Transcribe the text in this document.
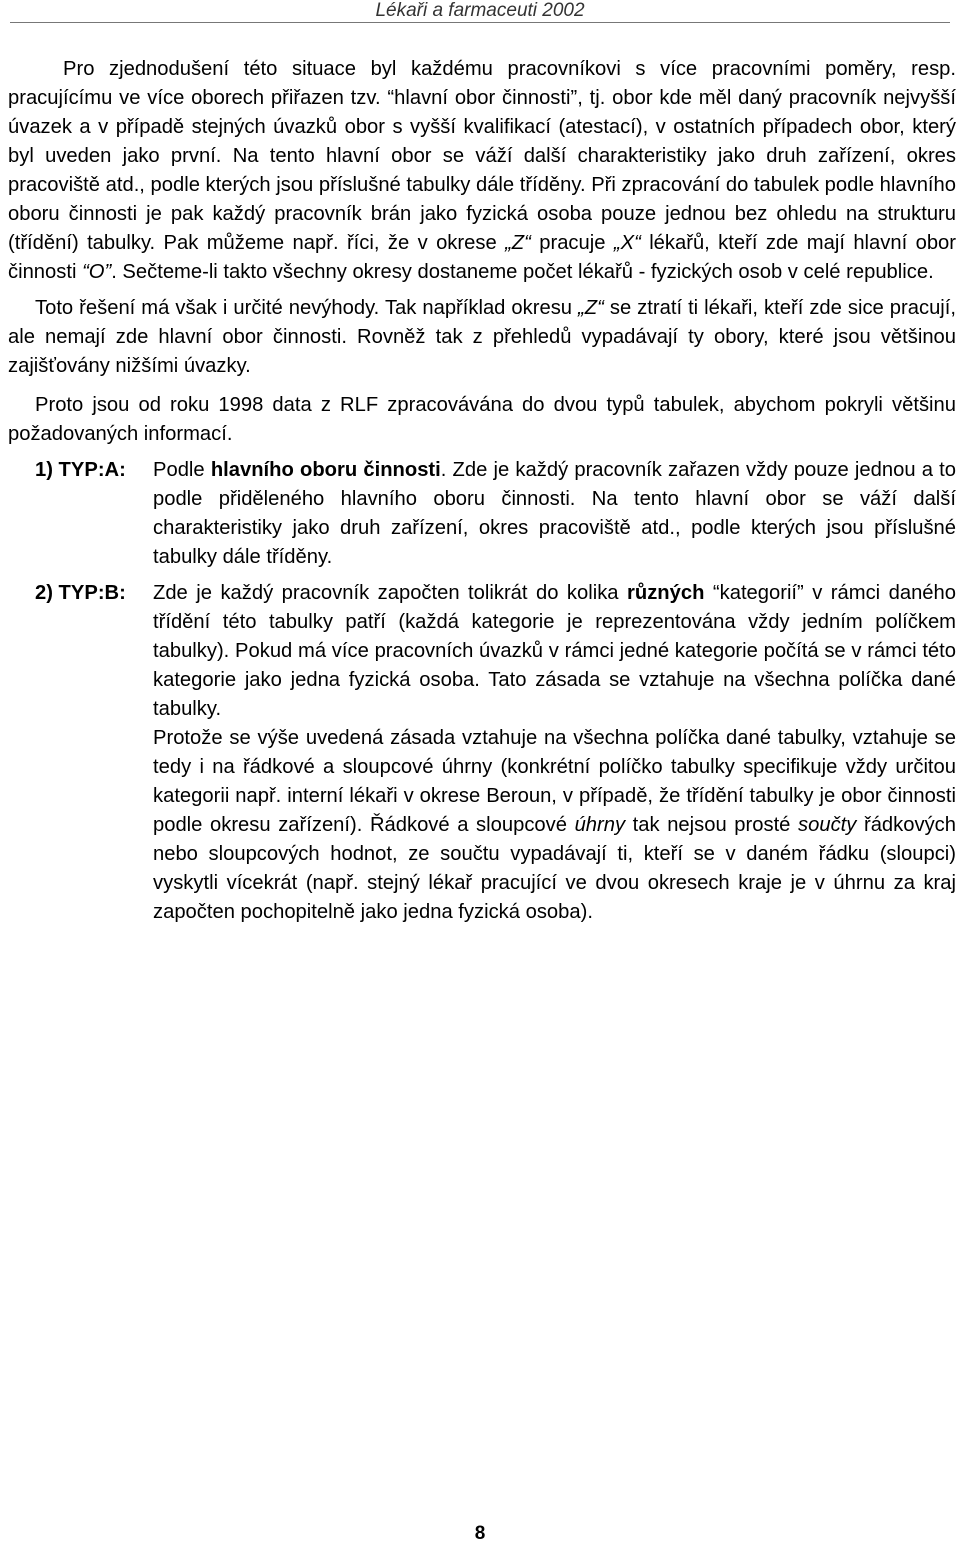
Lékaři a farmaceuti 2002

Pro zjednodušení této situace byl každému pracovníkovi s více pracovními poměry, resp. pracujícímu ve více oborech přiřazen tzv. “hlavní obor činnosti”, tj. obor kde měl daný pracovník nejvyšší úvazek a v případě stejných úvazků obor s vyšší kvalifikací (atestací), v ostatních případech obor, který byl uveden jako první. Na tento hlavní obor se váží další charakteristiky jako druh zařízení, okres pracoviště atd., podle kterých jsou příslušné tabulky dále tříděny. Při zpracování do tabulek podle hlavního oboru činnosti je pak každý pracovník brán jako fyzická osoba pouze jednou bez ohledu na strukturu (třídění) tabulky. Pak můžeme např. říci, že v okrese „Z“ pracuje „X“ lékařů, kteří zde mají hlavní obor činnosti “O”. Sečteme-li takto všechny okresy dostaneme počet lékařů - fyzických osob v celé republice.

Toto řešení má však i určité nevýhody. Tak například okresu „Z“ se ztratí ti lékaři, kteří zde sice pracují, ale nemají zde hlavní obor činnosti. Rovněž tak z přehledů vypadávají ty obory, které jsou většinou zajišťovány nižšími úvazky.

Proto jsou od roku 1998 data z RLF zpracovávána do dvou typů tabulek, abychom pokryli většinu požadovaných informací.

1) TYP:A:	Podle hlavního oboru činnosti. Zde je každý pracovník zařazen vždy pouze jednou a to podle přiděleného hlavního oboru činnosti. Na tento hlavní obor se váží další charakteristiky jako druh zařízení, okres pracoviště atd., podle kterých jsou příslušné tabulky dále tříděny.
2) TYP:B:	Zde je každý pracovník započten tolikrát do kolika různých “kategorií” v rámci daného třídění této tabulky patří (každá kategorie je reprezentována vždy jedním políčkem tabulky). Pokud má více pracovních úvazků v rámci jedné kategorie počítá se v rámci této kategorie jako jedna fyzická osoba. Tato zásada se vztahuje na všechna políčka dané tabulky.

Protože se výše uvedená zásada vztahuje na všechna políčka dané tabulky, vztahuje se tedy i na řádkové a sloupcové úhrny (konkrétní políčko tabulky specifikuje vždy určitou kategorii např. interní lékaři v okrese Beroun, v případě, že třídění tabulky je obor činnosti podle okresu zařízení). Řádkové a sloupcové úhrny tak nejsou prosté součty řádkových nebo sloupcových hodnot, ze součtu vypadávají ti, kteří se v daném řádku (sloupci) vyskytli vícekrát (např. stejný lékař pracující ve dvou okresech kraje je v úhrnu za kraj započten pochopitelně jako jedna fyzická osoba).

8
